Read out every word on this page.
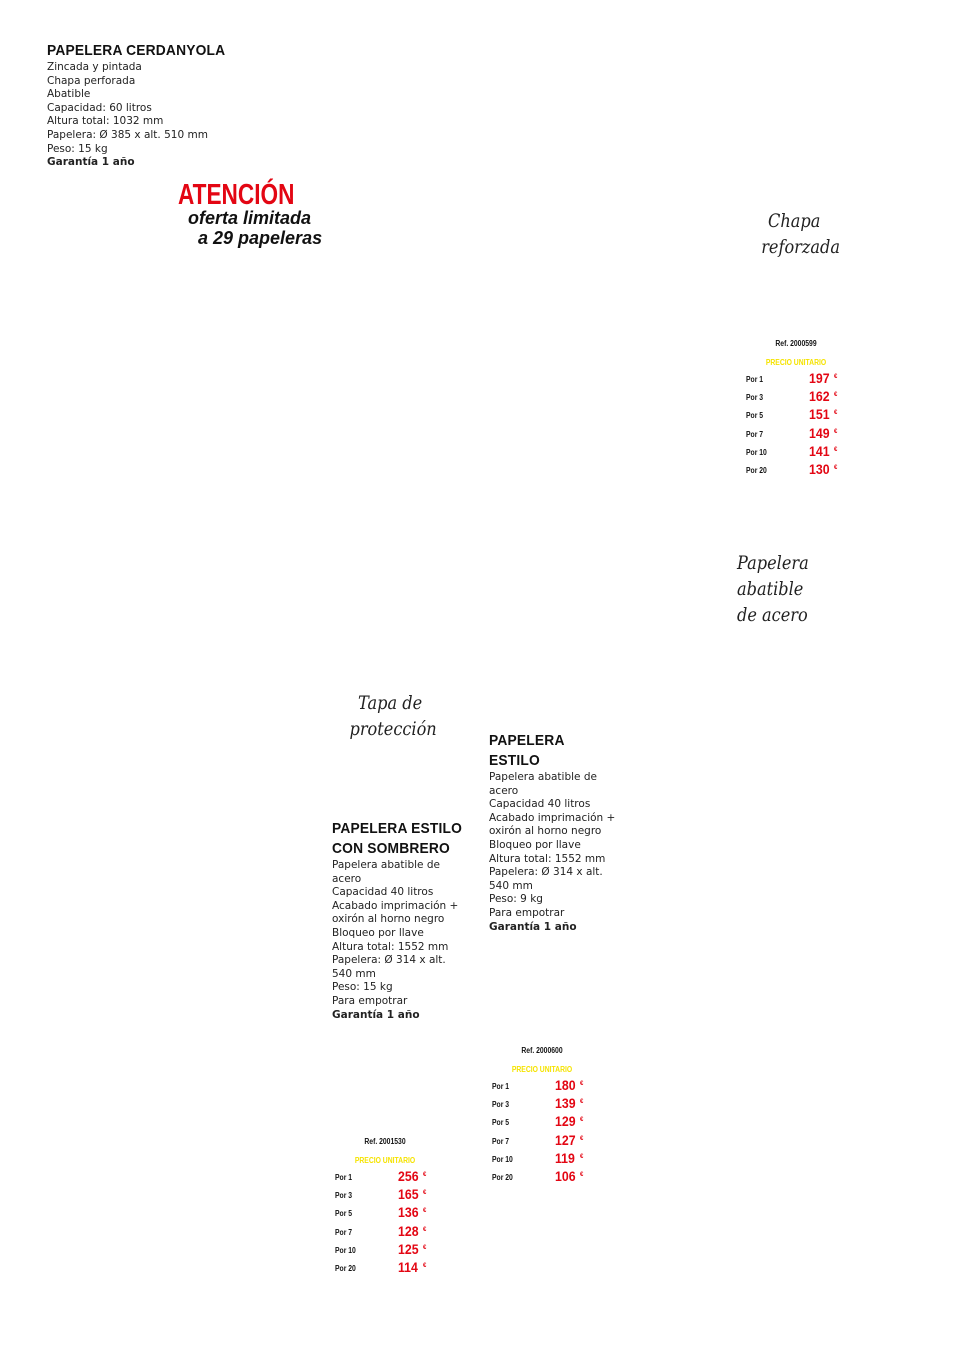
PAPELERA CERDANYOLA
Zincada y pintada
Chapa perforada
Abatible
Capacidad: 60 litros
Altura total: 1032 mm
Papelera: Ø 385 x alt. 510 mm
Peso: 15 kg
Garantía 1 año
ATENCIÓN
oferta limitada
a 29 papeleras
Chapa
reforzada
Papelera
abatible
de acero
Tapa de
protección
Ref. 2000599
PRECIO UNITARIO
Por 1	197 €
Por 3	162 €
Por 5	151 €
Por 7	149 €
Por 10	141 €
Por 20	130 €
PAPELERA
ESTILO
Papelera abatible de acero
Capacidad 40 litros
Acabado imprimación + oxirón al horno negro
Bloqueo por llave
Altura total: 1552 mm
Papelera: Ø 314 x alt. 540 mm
Peso: 9 kg
Para empotrar
Garantía 1 año
PAPELERA ESTILO
CON SOMBRERO
Papelera abatible de acero
Capacidad 40 litros
Acabado imprimación + oxirón al horno negro
Bloqueo por llave
Altura total: 1552 mm
Papelera: Ø 314 x alt. 540 mm
Peso: 15 kg
Para empotrar
Garantía 1 año
Ref. 2000600
PRECIO UNITARIO
Por 1	180 €
Por 3	139 €
Por 5	129 €
Por 7	127 €
Por 10	119 €
Por 20	106 €
Ref. 2001530
PRECIO UNITARIO
Por 1	256 €
Por 3	165 €
Por 5	136 €
Por 7	128 €
Por 10	125 €
Por 20	114 €
